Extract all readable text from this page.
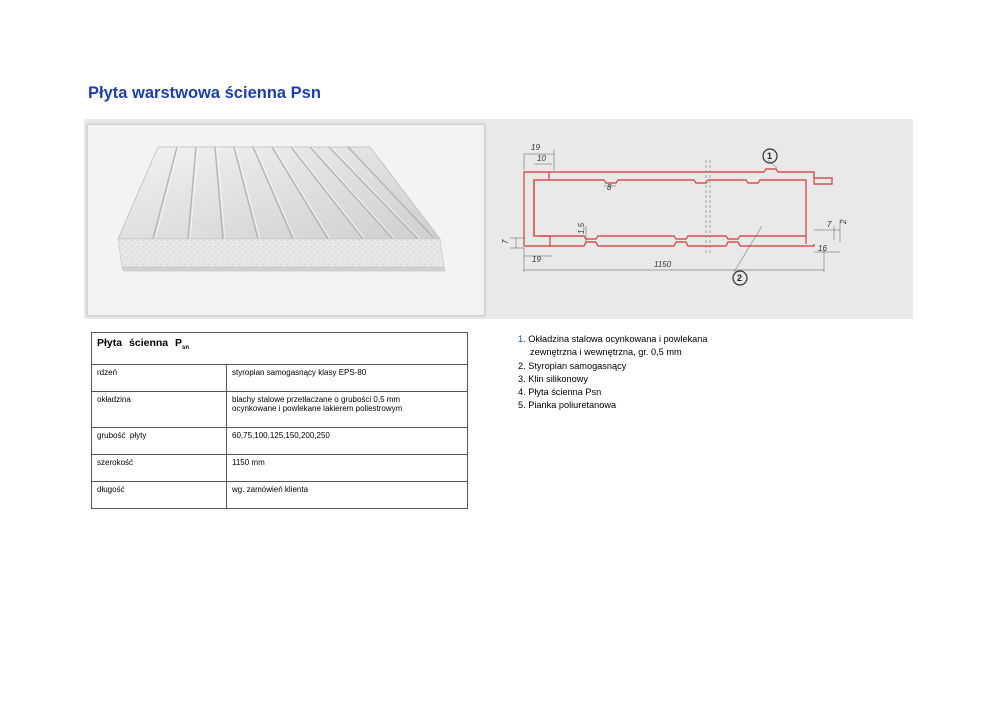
Płyta warstwowa ścienna Psn
19
10
8
19
7
1,5
1150
7 2
16
1
2
Płyta ścienna $P_{sn}$
rdzeń	styropian samogasnący klasy EPS-80
okładzina	blachy stalowe przetłaczane o grubości 0,5 mm
ocynkowane i powlekane lakierem poliestrowym

grubość  płyty	60,75,100,125,150,200,250
szerokość	1150 mm
długość	wg. zamówień klienta
1. Okładzina stalowa ocynkowana i powlekana
zewnętrzna i wewnętrzna, gr. 0,5 mm
2. Styropian samogasnący
3. Klin silikonowy
4. Płyta ścienna Psn
5. Pianka poliuretanowa
